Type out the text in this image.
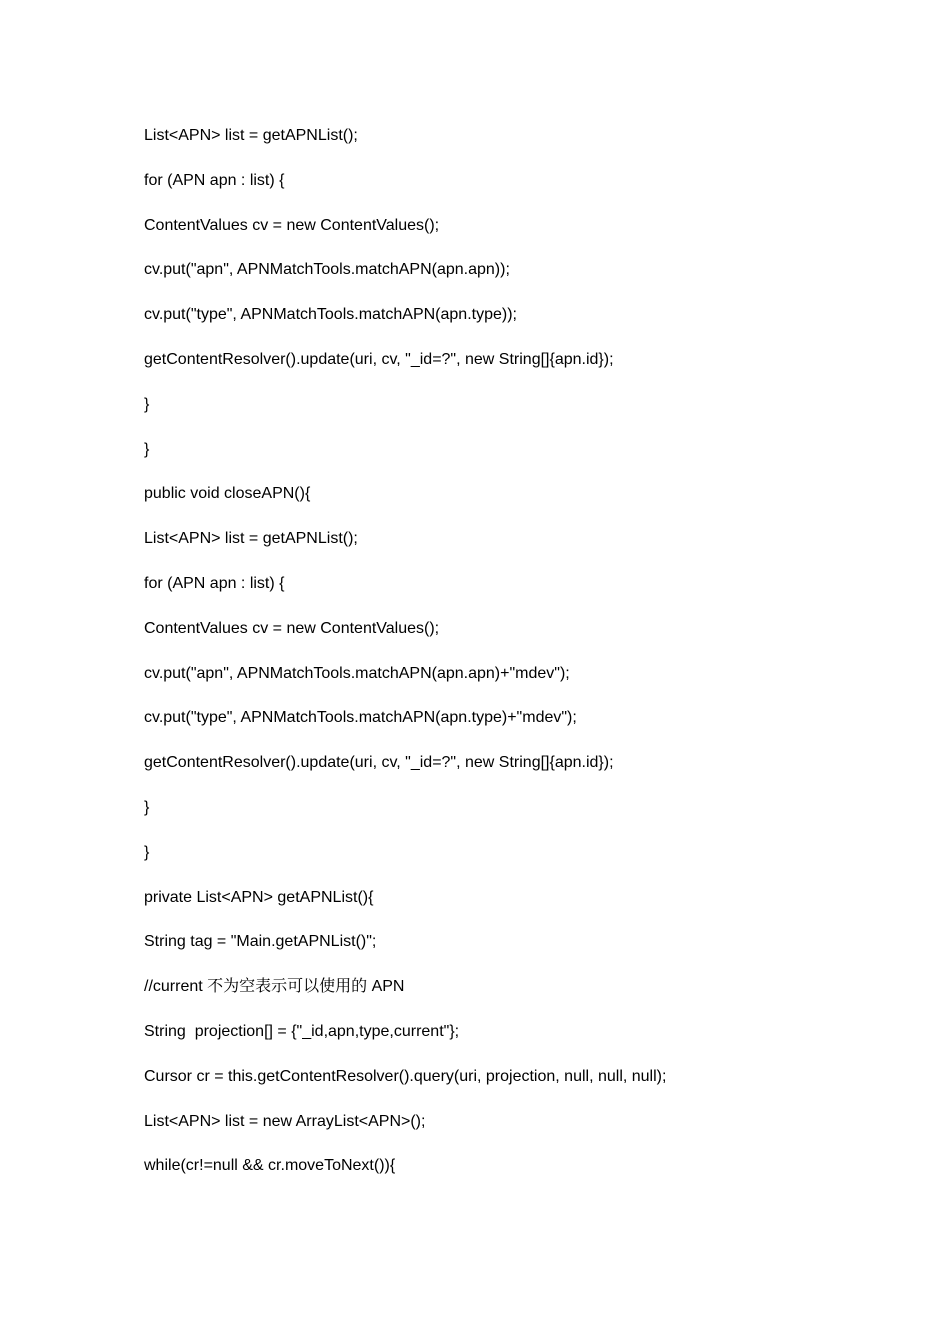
List<APN> list = getAPNList();
for (APN apn : list) {
ContentValues cv = new ContentValues();
cv.put("apn", APNMatchTools.matchAPN(apn.apn));
cv.put("type", APNMatchTools.matchAPN(apn.type));
getContentResolver().update(uri, cv, "_id=?", new String[]{apn.id});
}
}
public void closeAPN(){
List<APN> list = getAPNList();
for (APN apn : list) {
ContentValues cv = new ContentValues();
cv.put("apn", APNMatchTools.matchAPN(apn.apn)+"mdev");
cv.put("type", APNMatchTools.matchAPN(apn.type)+"mdev");
getContentResolver().update(uri, cv, "_id=?", new String[]{apn.id});
}
}
private List<APN> getAPNList(){
String tag = "Main.getAPNList()";
//current 不为空表示可以使用的 APN
String  projection[] = {"_id,apn,type,current"};
Cursor cr = this.getContentResolver().query(uri, projection, null, null, null);
List<APN> list = new ArrayList<APN>();
while(cr!=null && cr.moveToNext()){
